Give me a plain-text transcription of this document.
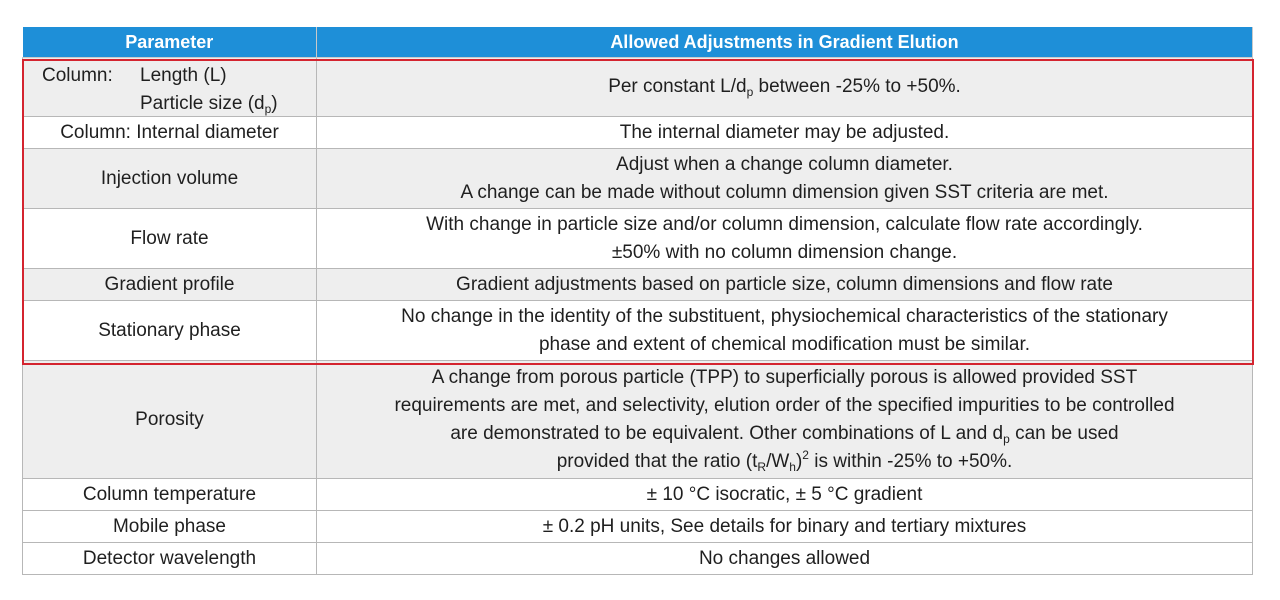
Parameter	Allowed Adjustments in Gradient Elution

Column: Length (L)
Particle size $(d_p)$	Per constant $L/d_p$ between -25% to +50%.
Column: Internal diameter	The internal diameter may be adjusted.
Injection volume	Adjust when a change column diameter.
A change can be made without column dimension given SST criteria are met.
Flow rate	With change in particle size and/or column dimension, calculate flow rate accordingly.
±50% with no column dimension change.
Gradient profile	Gradient adjustments based on particle size, column dimensions and flow rate
Stationary phase	No change in the identity of the substituent, physiochemical characteristics of the stationary
phase and extent of chemical modification must be similar.
Porosity	A change from porous particle (TPP) to superficially porous is allowed provided SST
requirements are met, and selectivity, elution order of the specified impurities to be controlled
are demonstrated to be equivalent. Other combinations of L and $d_p$ can be used
provided that the ratio $(t_R/W_h)^2$ is within -25% to +50%.
Column temperature	± 10 °C isocratic, ± 5 °C gradient
Mobile phase	± 0.2 pH units, See details for binary and tertiary mixtures
Detector wavelength	No changes allowed
